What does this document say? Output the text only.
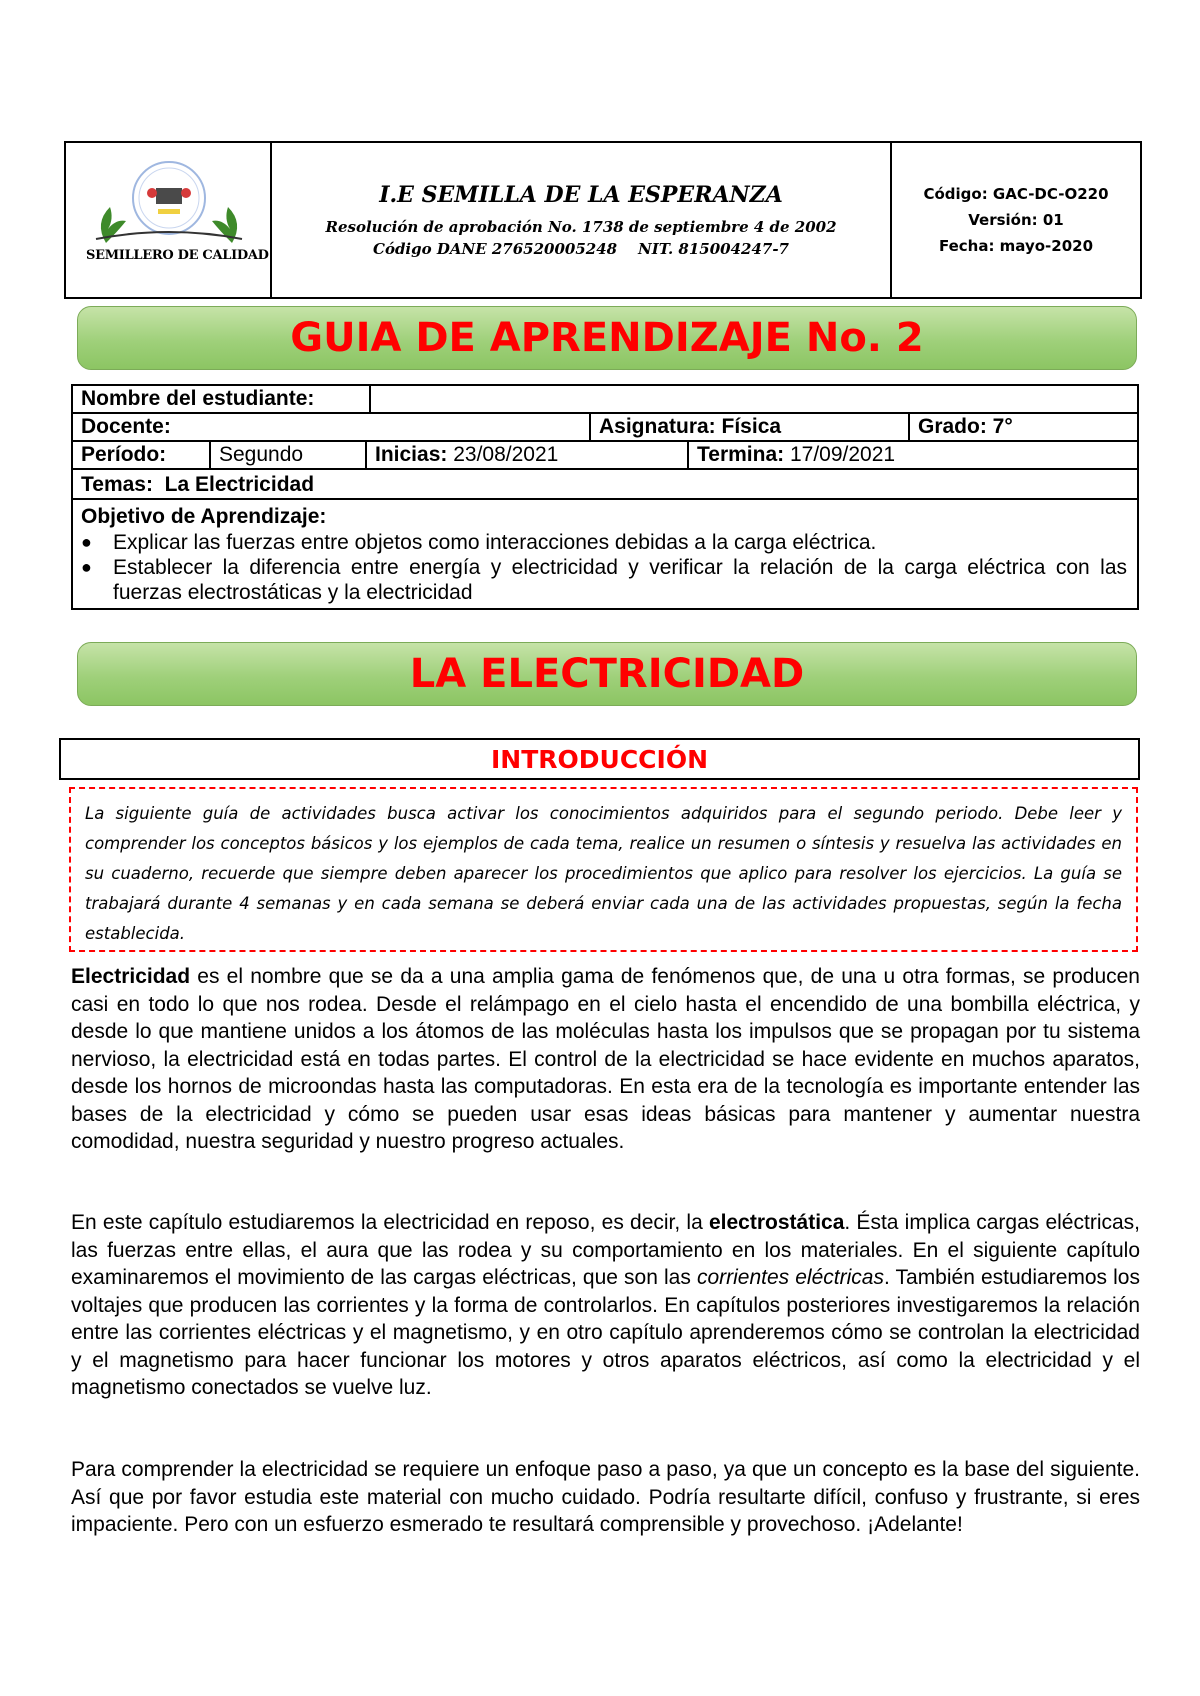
SEMILLERO DE CALIDAD
I.E SEMILLA DE LA ESPERANZA
Resolución de aprobación No. 1738 de septiembre 4 de 2002
Código DANE 276520005248    NIT. 815004247-7
Código: GAC-DC-O220
Versión: 01
Fecha: mayo-2020
GUIA DE APRENDIZAJE No. 2
Nombre del estudiante:
Docente:	Asignatura: Física	Grado: 7°
Período:	Segundo	Inicias: 23/08/2021	Termina: 17/09/2021
Temas:  La Electricidad
Objetivo de Aprendizaje:
●	Explicar las fuerzas entre objetos como interacciones debidas a la carga eléctrica.
●	Establecer la diferencia entre energía y electricidad y verificar la relación de la carga eléctrica con las fuerzas electrostáticas y la electricidad
LA ELECTRICIDAD
INTRODUCCIÓN
La siguiente guía de actividades busca activar los conocimientos adquiridos para el segundo periodo. Debe leer y comprender los conceptos básicos y los ejemplos de cada tema, realice un resumen o síntesis y resuelva las actividades en su cuaderno, recuerde que siempre deben aparecer los procedimientos que aplico para resolver los ejercicios. La guía se trabajará durante 4 semanas y en cada semana se deberá enviar cada una de las actividades propuestas, según la fecha establecida.
Electricidad es el nombre que se da a una amplia gama de fenómenos que, de una u otra formas, se producen casi en todo lo que nos rodea. Desde el relámpago en el cielo hasta el encendido de una bombilla eléctrica, y desde lo que mantiene unidos a los átomos de las moléculas hasta los impulsos que se propagan por tu sistema nervioso, la electricidad está en todas partes. El control de la electricidad se hace evidente en muchos aparatos, desde los hornos de microondas hasta las computadoras. En esta era de la tecnología es importante entender las bases de la electricidad y cómo se pueden usar esas ideas básicas para mantener y aumentar nuestra comodidad, nuestra seguridad y nuestro progreso actuales.
En este capítulo estudiaremos la electricidad en reposo, es decir, la electrostática. Ésta implica cargas eléctricas, las fuerzas entre ellas, el aura que las rodea y su comportamiento en los materiales. En el siguiente capítulo examinaremos el movimiento de las cargas eléctricas, que son las corrientes eléctricas. También estudiaremos los voltajes que producen las corrientes y la forma de controlarlos. En capítulos posteriores investigaremos la relación entre las corrientes eléctricas y el magnetismo, y en otro capítulo aprenderemos cómo se controlan la electricidad y el magnetismo para hacer funcionar los motores y otros aparatos eléctricos, así como la electricidad y el magnetismo conectados se vuelve luz.
Para comprender la electricidad se requiere un enfoque paso a paso, ya que un concepto es la base del siguiente. Así que por favor estudia este material con mucho cuidado. Podría resultarte difícil, confuso y frustrante, si eres impaciente. Pero con un esfuerzo esmerado te resultará comprensible y provechoso. ¡Adelante!
